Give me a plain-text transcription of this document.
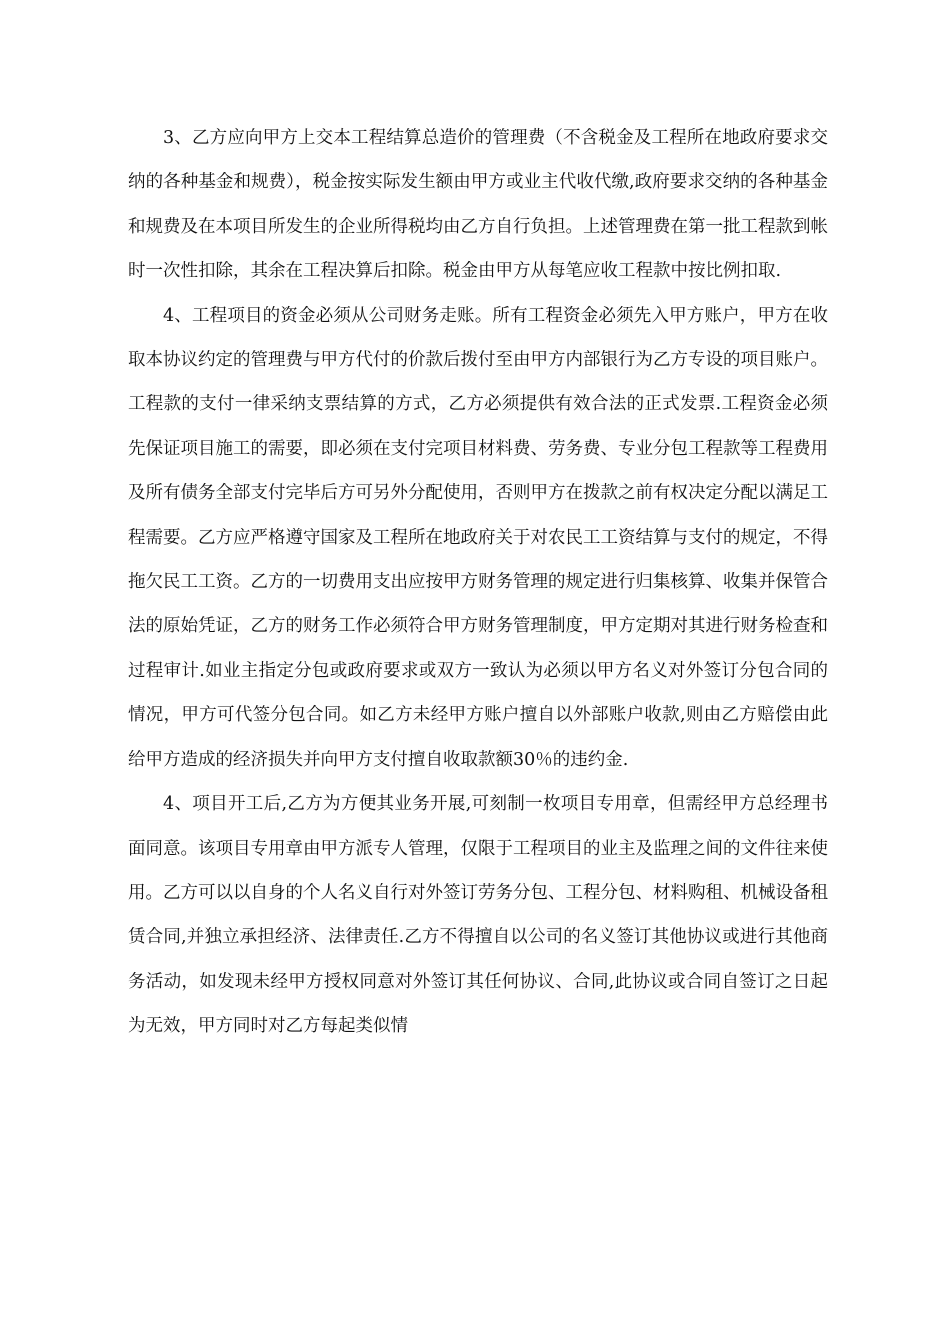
3、乙方应向甲方上交本工程结算总造价的管理费（不含税金及工程所在地政府要求交纳的各种基金和规费），税金按实际发生额由甲方或业主代收代缴,政府要求交纳的各种基金和规费及在本项目所发生的企业所得税均由乙方自行负担。上述管理费在第一批工程款到帐时一次性扣除，其余在工程决算后扣除。税金由甲方从每笔应收工程款中按比例扣取.

4、工程项目的资金必须从公司财务走账。所有工程资金必须先入甲方账户，甲方在收取本协议约定的管理费与甲方代付的价款后拨付至由甲方内部银行为乙方专设的项目账户。工程款的支付一律采纳支票结算的方式，乙方必须提供有效合法的正式发票.工程资金必须先保证项目施工的需要，即必须在支付完项目材料费、劳务费、专业分包工程款等工程费用及所有债务全部支付完毕后方可另外分配使用，否则甲方在拨款之前有权决定分配以满足工程需要。乙方应严格遵守国家及工程所在地政府关于对农民工工资结算与支付的规定，不得拖欠民工工资。乙方的一切费用支出应按甲方财务管理的规定进行归集核算、收集并保管合法的原始凭证，乙方的财务工作必须符合甲方财务管理制度，甲方定期对其进行财务检查和过程审计.如业主指定分包或政府要求或双方一致认为必须以甲方名义对外签订分包合同的情况，甲方可代签分包合同。如乙方未经甲方账户擅自以外部账户收款,则由乙方赔偿由此给甲方造成的经济损失并向甲方支付擅自收取款额30％的违约金.

4、项目开工后,乙方为方便其业务开展,可刻制一枚项目专用章，但需经甲方总经理书面同意。该项目专用章由甲方派专人管理，仅限于工程项目的业主及监理之间的文件往来使用。乙方可以以自身的个人名义自行对外签订劳务分包、工程分包、材料购租、机械设备租赁合同,并独立承担经济、法律责任.乙方不得擅自以公司的名义签订其他协议或进行其他商务活动，如发现未经甲方授权同意对外签订其任何协议、合同,此协议或合同自签订之日起为无效，甲方同时对乙方每起类似情
